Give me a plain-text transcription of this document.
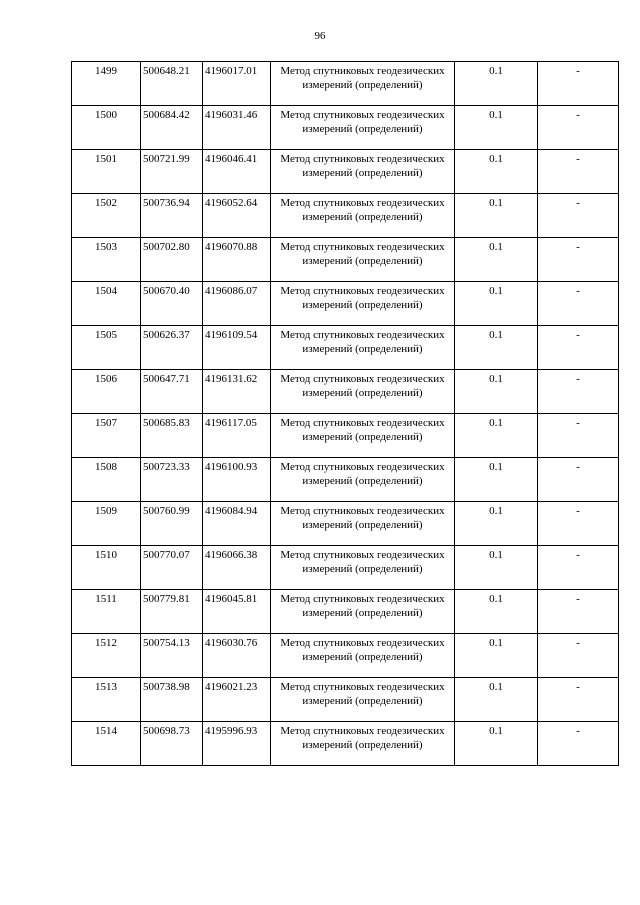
96
1499	500648.21	4196017.01	Метод спутниковых геодезических измерений (определений)	0.1	-
1500	500684.42	4196031.46	Метод спутниковых геодезических измерений (определений)	0.1	-
1501	500721.99	4196046.41	Метод спутниковых геодезических измерений (определений)	0.1	-
1502	500736.94	4196052.64	Метод спутниковых геодезических измерений (определений)	0.1	-
1503	500702.80	4196070.88	Метод спутниковых геодезических измерений (определений)	0.1	-
1504	500670.40	4196086.07	Метод спутниковых геодезических измерений (определений)	0.1	-
1505	500626.37	4196109.54	Метод спутниковых геодезических измерений (определений)	0.1	-
1506	500647.71	4196131.62	Метод спутниковых геодезических измерений (определений)	0.1	-
1507	500685.83	4196117.05	Метод спутниковых геодезических измерений (определений)	0.1	-
1508	500723.33	4196100.93	Метод спутниковых геодезических измерений (определений)	0.1	-
1509	500760.99	4196084.94	Метод спутниковых геодезических измерений (определений)	0.1	-
1510	500770.07	4196066.38	Метод спутниковых геодезических измерений (определений)	0.1	-
1511	500779.81	4196045.81	Метод спутниковых геодезических измерений (определений)	0.1	-
1512	500754.13	4196030.76	Метод спутниковых геодезических измерений (определений)	0.1	-
1513	500738.98	4196021.23	Метод спутниковых геодезических измерений (определений)	0.1	-
1514	500698.73	4195996.93	Метод спутниковых геодезических измерений (определений)	0.1	-
